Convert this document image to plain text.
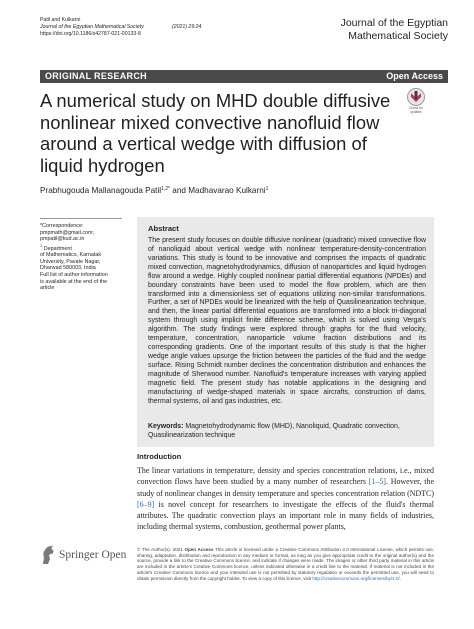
Patil and Kulkarni
Journal of the Egyptian Mathematical Society	(2021) 29:24
https://doi.org/10.1186/s42787-021-00133-8
Journal of the Egyptian
Mathematical Society
ORIGINAL RESEARCH	Open Access
A numerical study on MHD double diffusive nonlinear mixed convective nanofluid flow around a vertical wedge with diffusion of liquid hydrogen
Check for
updates
Prabhugouda Mallanagouda Patil$^{1,2*}$ and Madhavarao Kulkarni$^1$
*Correspondence:
pmpmath@gmail.com;
pmpatil@kud.ac.in
$^1$ Department
of Mathematics, Karnatak
University, Pavate Nagar,
Dharwad 580003, India
Full list of author information
is available at the end of the
article
Abstract

The present study focuses on double diffusive nonlinear (quadratic) mixed convective flow of nanoliquid about vertical wedge with nonlinear temperature-density-concentration variations. This study is found to be innovative and comprises the impacts of quadratic mixed convection, magnetohydrodynamics, diffusion of nanoparticles and liquid hydrogen flow around a wedge. Highly coupled nonlinear partial differential equations (NPDEs) and boundary constraints have been used to model the flow problem, which are then transformed into a dimensionless set of equations utilizing non-similar transformations. Further, a set of NPDEs would be linearized with the help of Quasilinearization technique, and then, the linear partial differential equations are transformed into a block tri-diagonal system through using implicit finite difference scheme, which is solved using Verga's algorithm. The study findings were explored through graphs for the fluid velocity, temperature, concentration, nanoparticle volume fraction distributions and its corresponding gradients. One of the important results of this study is that the higher wedge angle values upsurge the friction between the particles of the fluid and the wedge surface. Rising Schmidt number declines the concentration distribution and enhances the magnitude of Sherwood number. Nanofluid's temperature increases with varying applied magnetic field. The present study has notable applications in the designing and manufacturing of wedge-shaped materials in space aircrafts, construction of dams, thermal systems, oil and gas industries, etc.

Keywords: Magnetohydrodynamic flow (MHD), Nanoliquid, Quadratic convection, Quasilinearization technique
Introduction

The linear variations in temperature, density and species concentration relations, i.e., mixed convection flows have been studied by a many number of researchers [1–5]. However, the study of nonlinear changes in density temperature and species concentration relation (NDTC) [6–9] is novel concept for researchers to investigate the effects of the fluid's thermal attributes. The quadratic convection plays an important role in many fields of industries, including thermal systems, combustion, geothermal power plants,

Springer Open © The Author(s). 2021 Open Access This article is licensed under a Creative Commons Attribution 4.0 International License, which permits use, sharing, adaptation, distribution and reproduction in any medium or format, as long as you give appropriate credit to the original author(s) and the source, provide a link to the Creative Commons licence, and indicate if changes were made. The images or other third party material in this article are included in the article's Creative Commons licence, unless indicated otherwise in a credit line to the material. If material is not included in the article's Creative Commons licence and your intended use is not permitted by statutory regulation or exceeds the permitted use, you will need to obtain permission directly from the copyright holder. To view a copy of this licence, visit http://creativecommons.org/licenses/by/4.0/.
